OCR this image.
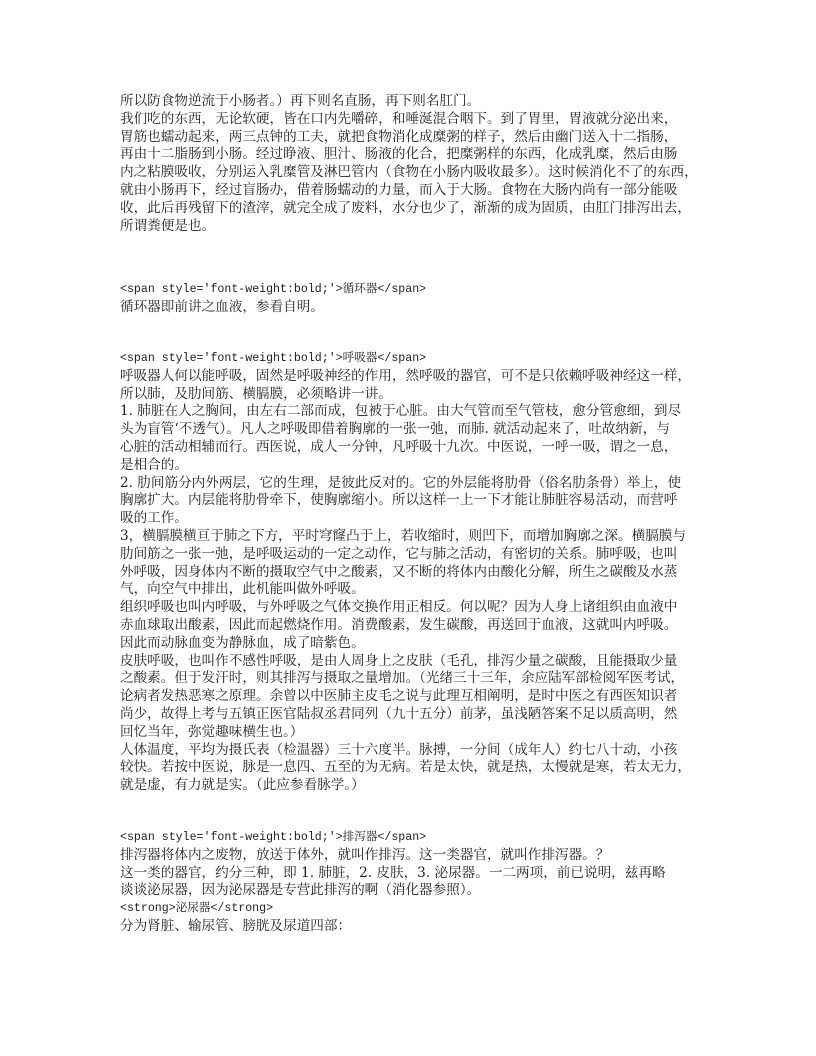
所以防食物逆流于小肠者。）再下则名直肠，再下则名肛门。
我们吃的东西，无论软硬，皆在口内先嚼碎，和唾涎混合咽下。到了胃里，胃液就分泌出来，
胃筋也蠕动起来，两三点钟的工夫，就把食物消化成糜粥的样子，然后由幽门送入十二指肠，
再由十二脂肠到小肠。经过睁液、胆汁、肠液的化合，把糜粥样的东西，化成乳糜，然后由肠
内之粘膜吸收，分别运入乳糜管及淋巴管内（食物在小肠内吸收最多）。这时候消化不了的东西，
就由小肠再下，经过盲肠办，借着肠蠕动的力量，而入于大肠。食物在大肠内尚有一部分能吸
收，此后再残留下的渣滓，就完全成了废料，水分也少了，渐渐的成为固质，由肛门排泻出去，
所谓粪便是也。
<span style='font-weight:bold;'>循环器</span>
循环器即前讲之血液，参看自明。
<span style='font-weight:bold;'>呼吸器</span>
呼吸器人何以能呼吸，固然是呼吸神经的作用，然呼吸的器官，可不是只依赖呼吸神经这一样，
所以肺，及肋间筋、横膈膜，必须略讲一讲。
1. 肺脏在人之胸间，由左右二部而成，包被于心脏。由大气管而至气管枝，愈分管愈细，到尽
头为盲管‘不透气）。凡人之呼吸即借着胸廓的一张一弛，而肺. 就活动起来了，吐故纳新，与
心脏的活动相辅而行。西医说，成人一分钟，凡呼吸十九次。中医说，一呼一吸，谓之一息，
是相合的。
2. 肋间筋分内外两层，它的生理，是彼此反对的。它的外层能将肋骨（俗名肋条骨）举上，使
胸廓扩大。内层能将肋骨牵下，使胸廓缩小。所以这样一上一下才能让肺脏容易活动，而营呼
吸的工作。
3，横膈膜横亘于肺之下方，平时穹窿凸于上，若收缩时，则凹下，而增加胸廓之深。横膈膜与
肋间筋之一张一弛，是呼吸运动的一定之动作，它与肺之活动，有密切的关系。肺呼吸，也叫
外呼吸，因身体内不断的摄取空气中之酸素，又不断的将体内由酸化分解，所生之碳酸及水蒸
气，向空气中排出，此机能叫做外呼吸。
组织呼吸也叫内呼吸，与外呼吸之气体交换作用正相反。何以呢？因为人身上诸组织由血液中
赤血球取出酸素，因此而起燃烧作用。消费酸素，发生碳酸，再送回于血液，这就叫内呼吸。
因此而动脉血变为静脉血，成了暗紫色。
皮肤呼吸，也叫作不感性呼吸，是由人周身上之皮肤（毛孔，排泻少量之碳酸，且能摄取少量
之酸素。但于发汗时，则其排泻与摄取之量增加。（光绪三十三年，余应陆军部检阅军医考试，
论病者发热恶寒之原理。余曾以中医肺主皮毛之说与此理互相阐明，是时中医之有西医知识者
尚少，故得上考与五镇正医官陆叔丞君同列（九十五分）前茅，虽浅陋答案不足以质高明，然
回忆当年，弥觉趣味横生也。）
人体温度，平均为摄氏表（检温器）三十六度半。脉搏，一分间（成年人）约七八十动，小孩
较快。若按中医说，脉是一息四、五至的为无病。若是太快，就是热，太慢就是寒，若太无力，
就是虚，有力就是实。（此应参看脉学。）
<span style='font-weight:bold;'>排泻器</span>
排泻器将体内之废物，放送于体外，就叫作排泻。这一类器官，就叫作排泻器。？
这一类的器官，约分三种，即 1. 肺脏，2. 皮肤，3. 泌尿器。一二两项，前已说明，兹再略
谈谈泌尿器，因为泌尿器是专营此排泻的啊（消化器参照）。
<strong>泌尿器</strong>
分为肾脏、输尿管、膀胱及尿道四部：
